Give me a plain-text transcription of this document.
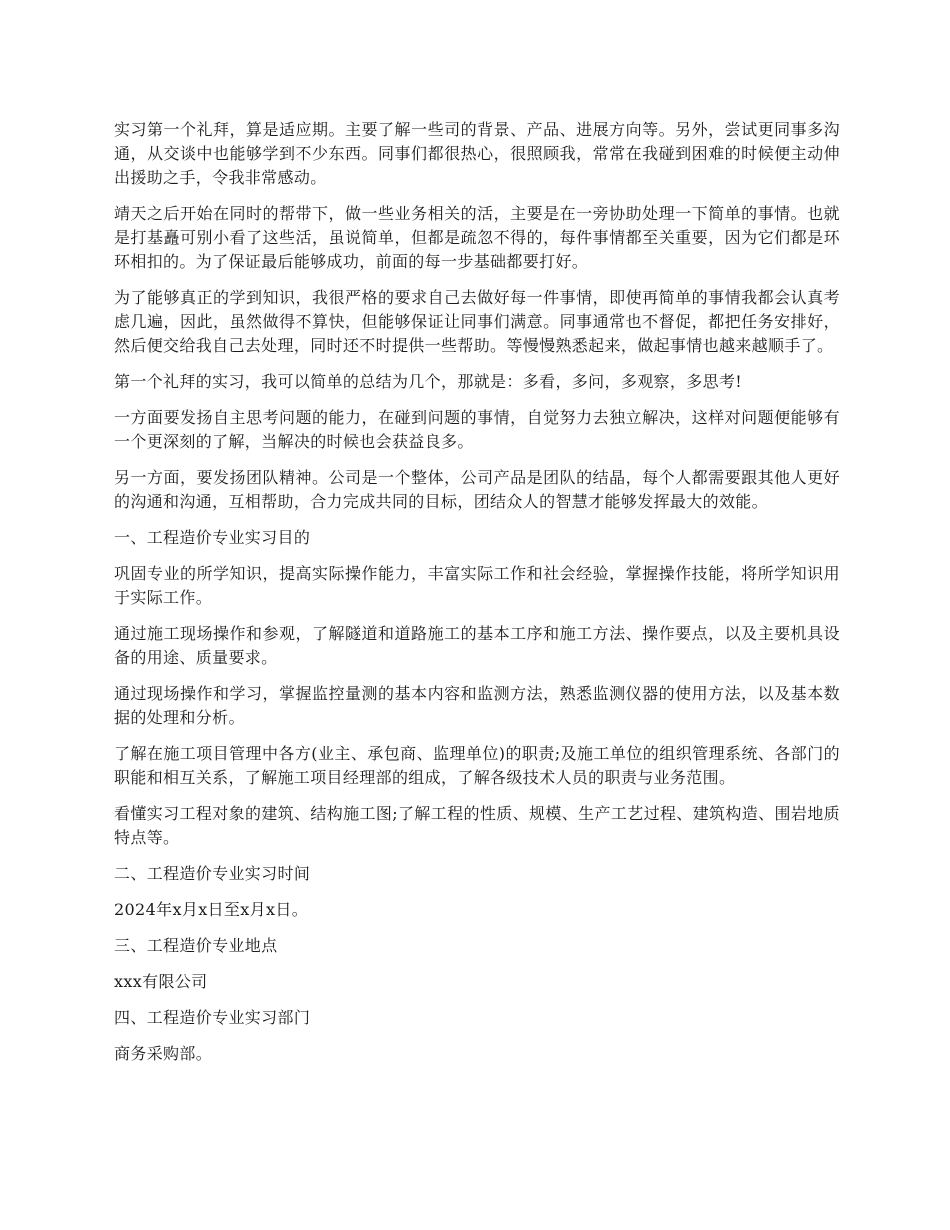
实习第一个礼拜，算是适应期。主要了解一些司的背景、产品、进展方向等。另外，尝试更同事多沟通，从交谈中也能够学到不少东西。同事们都很热心，很照顾我，常常在我碰到困难的时候便主动伸出援助之手，令我非常感动。

靖天之后开始在同时的帮带下，做一些业务相关的活，主要是在一旁协助处理一下简单的事情。也就是打基矗可别小看了这些活，虽说简单，但都是疏忽不得的，每件事情都至关重要，因为它们都是环环相扣的。为了保证最后能够成功，前面的每一步基础都要打好。

为了能够真正的学到知识，我很严格的要求自己去做好每一件事情，即使再简单的事情我都会认真考虑几遍，因此，虽然做得不算快，但能够保证让同事们满意。同事通常也不督促，都把任务安排好，然后便交给我自己去处理，同时还不时提供一些帮助。等慢慢熟悉起来，做起事情也越来越顺手了。

第一个礼拜的实习，我可以简单的总结为几个，那就是：多看，多问，多观察，多思考!

一方面要发扬自主思考问题的能力，在碰到问题的事情，自觉努力去独立解决，这样对问题便能够有一个更深刻的了解，当解决的时候也会获益良多。

另一方面，要发扬团队精神。公司是一个整体，公司产品是团队的结晶，每个人都需要跟其他人更好的沟通和沟通，互相帮助，合力完成共同的目标，团结众人的智慧才能够发挥最大的效能。

一、工程造价专业实习目的

巩固专业的所学知识，提高实际操作能力，丰富实际工作和社会经验，掌握操作技能，将所学知识用于实际工作。

通过施工现场操作和参观，了解隧道和道路施工的基本工序和施工方法、操作要点，以及主要机具设备的用途、质量要求。

通过现场操作和学习，掌握监控量测的基本内容和监测方法，熟悉监测仪器的使用方法，以及基本数据的处理和分析。

了解在施工项目管理中各方(业主、承包商、监理单位)的职责;及施工单位的组织管理系统、各部门的职能和相互关系，了解施工项目经理部的组成，了解各级技术人员的职责与业务范围。

看懂实习工程对象的建筑、结构施工图;了解工程的性质、规模、生产工艺过程、建筑构造、围岩地质特点等。

二、工程造价专业实习时间

2024年x月x日至x月x日。

三、工程造价专业地点

xxx有限公司

四、工程造价专业实习部门

商务采购部。
